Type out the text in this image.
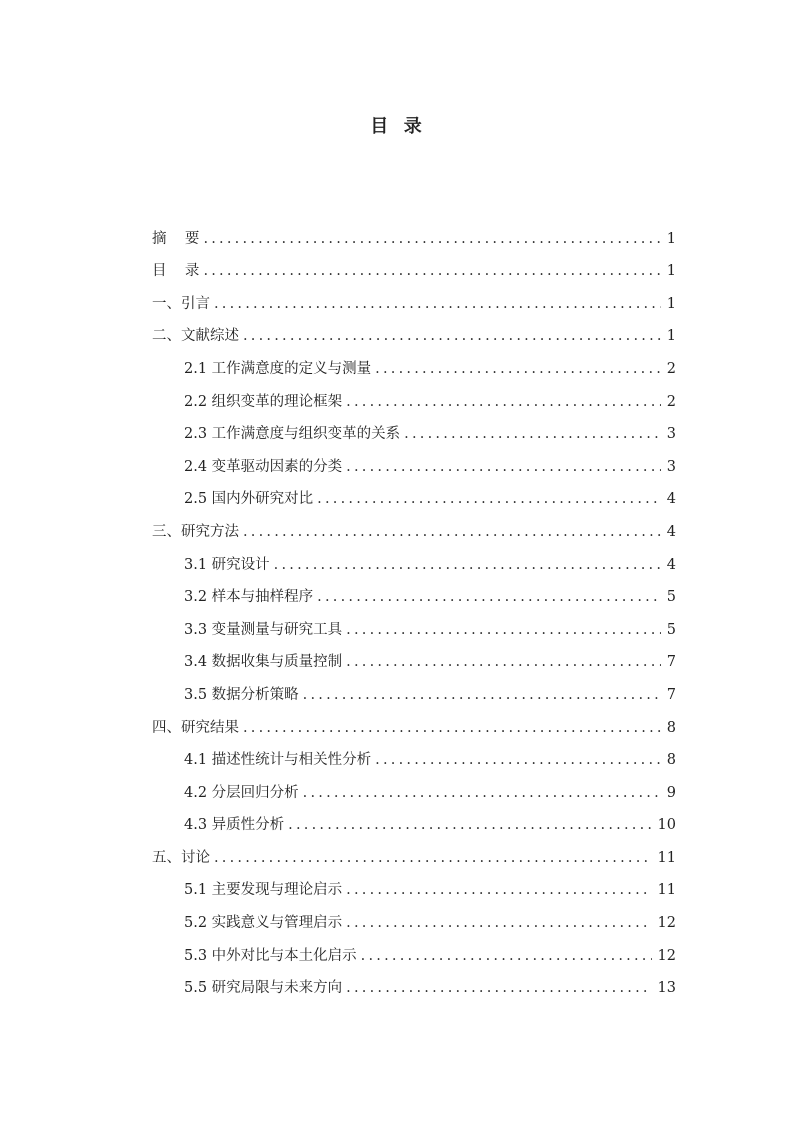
目  录
摘    要 .....	1
目    录 .....	1
一、引言 .....	1
二、文献综述 .....	1
2.1 工作满意度的定义与测量 .....	2
2.2 组织变革的理论框架 .....	2
2.3 工作满意度与组织变革的关系 .....	3
2.4 变革驱动因素的分类 .....	3
2.5 国内外研究对比 .....	4
三、研究方法 .....	4
3.1 研究设计 .....	4
3.2 样本与抽样程序 .....	5
3.3 变量测量与研究工具 .....	5
3.4 数据收集与质量控制 .....	7
3.5 数据分析策略 .....	7
四、研究结果 .....	8
4.1 描述性统计与相关性分析 .....	8
4.2 分层回归分析 .....	9
4.3 异质性分析 .....	10
五、讨论 .....	11
5.1 主要发现与理论启示 .....	11
5.2 实践意义与管理启示 .....	12
5.3 中外对比与本土化启示 .....	12
5.5 研究局限与未来方向 .....	13
